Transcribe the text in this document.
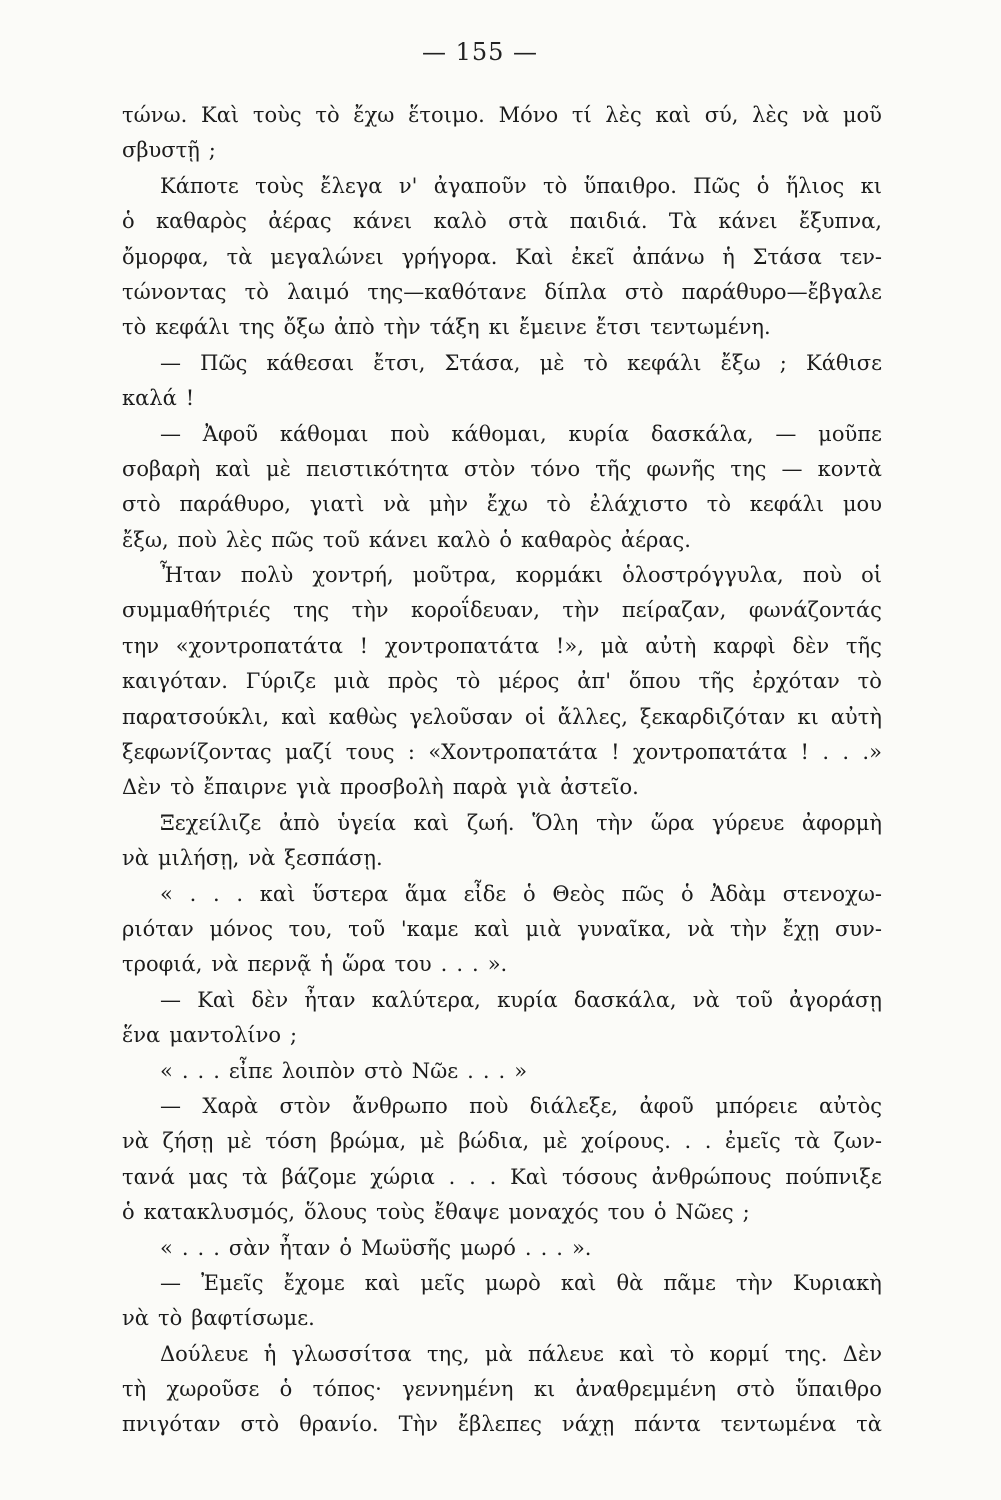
— 155 —
τώνω. Καὶ τοὺς τὸ ἔχω ἕτοιμο. Μόνο τί λὲς καὶ σύ, λὲς νὰ μοῦ
σβυστῇ ;
Κάποτε τοὺς ἔλεγα ν' ἀγαποῦν τὸ ὕπαιθρο. Πῶς ὁ ἥλιος κι
ὁ καθαρὸς ἀέρας κάνει καλὸ στὰ παιδιά. Τὰ κάνει ἔξυπνα,
ὄμορφα, τὰ μεγαλώνει γρήγορα. Καὶ ἐκεῖ ἀπάνω ἡ Στάσα τεν-
τώνοντας τὸ λαιμό της—καθότανε δίπλα στὸ παράθυρο—ἔβγαλε
τὸ κεφάλι της ὄξω ἀπὸ τὴν τάξη κι ἔμεινε ἔτσι τεντωμένη.
— Πῶς κάθεσαι ἔτσι, Στάσα, μὲ τὸ κεφάλι ἔξω ; Κάθισε
καλά !
— Ἀφοῦ κάθομαι ποὺ κάθομαι, κυρία δασκάλα, — μοῦπε
σοβαρὴ καὶ μὲ πειστικότητα στὸν τόνο τῆς φωνῆς της — κοντὰ
στὸ παράθυρο, γιατὶ νὰ μὴν ἔχω τὸ ἐλάχιστο τὸ κεφάλι μου
ἔξω, ποὺ λὲς πῶς τοῦ κάνει καλὸ ὁ καθαρὸς ἀέρας.
Ἦταν πολὺ χοντρή, μοῦτρα, κορμάκι ὁλοστρόγγυλα, ποὺ οἱ
συμμαθήτριές της τὴν κοροΐδευαν, τὴν πείραζαν, φωνάζοντάς
την «χοντροπατάτα ! χοντροπατάτα !», μὰ αὐτὴ καρφὶ δὲν τῆς
καιγόταν. Γύριζε μιὰ πρὸς τὸ μέρος ἀπ' ὅπου τῆς ἐρχόταν τὸ
παρατσούκλι, καὶ καθὼς γελοῦσαν οἱ ἄλλες, ξεκαρδιζόταν κι αὐτὴ
ξεφωνίζοντας μαζί τους : «Χοντροπατάτα ! χοντροπατάτα ! . . .»
Δὲν τὸ ἔπαιρνε γιὰ προσβολὴ παρὰ γιὰ ἀστεῖο.
Ξεχείλιζε ἀπὸ ὑγεία καὶ ζωή. Ὅλη τὴν ὥρα γύρευε ἀφορμὴ
νὰ μιλήσῃ, νὰ ξεσπάσῃ.
« . . . καὶ ὕστερα ἅμα εἶδε ὁ Θεὸς πῶς ὁ Ἀδὰμ στενοχω-
ριόταν μόνος του, τοῦ 'καμε καὶ μιὰ γυναῖκα, νὰ τὴν ἔχῃ συν-
τροφιά, νὰ περνᾷ ἡ ὥρα του . . . ».
— Καὶ δὲν ἦταν καλύτερα, κυρία δασκάλα, νὰ τοῦ ἀγοράσῃ
ἕνα μαντολίνο ;
« . . . εἶπε λοιπὸν στὸ Νῶε . . . »
— Χαρὰ στὸν ἄνθρωπο ποὺ διάλεξε, ἀφοῦ μπόρειε αὐτὸς
νὰ ζήσῃ μὲ τόση βρώμα, μὲ βώδια, μὲ χοίρους. . . ἐμεῖς τὰ ζων-
τανά μας τὰ βάζομε χώρια . . . Καὶ τόσους ἀνθρώπους πούπνιξε
ὁ κατακλυσμός, ὅλους τοὺς ἔθαψε μοναχός του ὁ Νῶες ;
« . . . σὰν ἦταν ὁ Μωϋσῆς μωρό . . . ».
— Ἐμεῖς ἔχομε καὶ μεῖς μωρὸ καὶ θὰ πᾶμε τὴν Κυριακὴ
νὰ τὸ βαφτίσωμε.
Δούλευε ἡ γλωσσίτσα της, μὰ πάλευε καὶ τὸ κορμί της. Δὲν
τὴ χωροῦσε ὁ τόπος· γεννημένη κι ἀναθρεμμένη στὸ ὕπαιθρο
πνιγόταν στὸ θρανίο. Τὴν ἔβλεπες νάχῃ πάντα τεντωμένα τὰ
